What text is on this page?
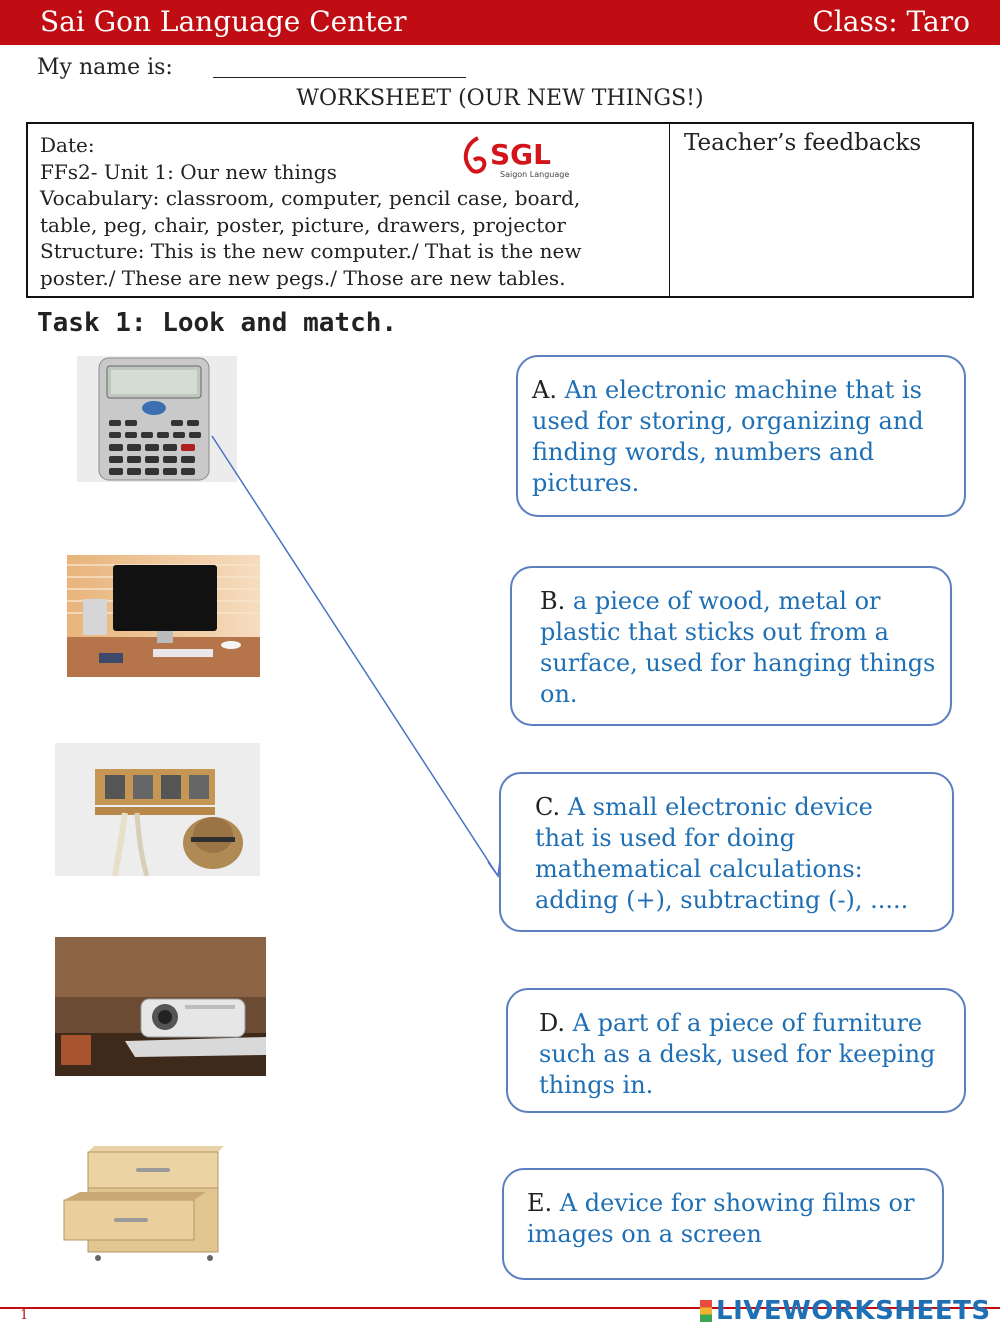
Sai Gon Language Center	Class: Taro
My name is:
WORKSHEET (OUR NEW THINGS!)
Date:
FFs2- Unit 1: Our new things
Vocabulary: classroom, computer, pencil case, board,
table, peg, chair, poster, picture, drawers, projector
Structure: This is the new computer./ That is the new
poster./ These are new pegs./ Those are new tables.
SGL
Saigon Language
Teacher’s feedbacks
Task 1: Look and match.
A. An electronic machine that is used for storing, organizing and finding words, numbers and pictures.
B. a piece of wood, metal or plastic that sticks out from a surface, used for hanging things on.
C. A small electronic device that is used for doing mathematical calculations: adding (+), subtracting (-), .....
D. A part of a piece of furniture such as a desk, used for keeping things in.
E. A device for showing films or images on a screen
1	LIVEWORKSHEETS
